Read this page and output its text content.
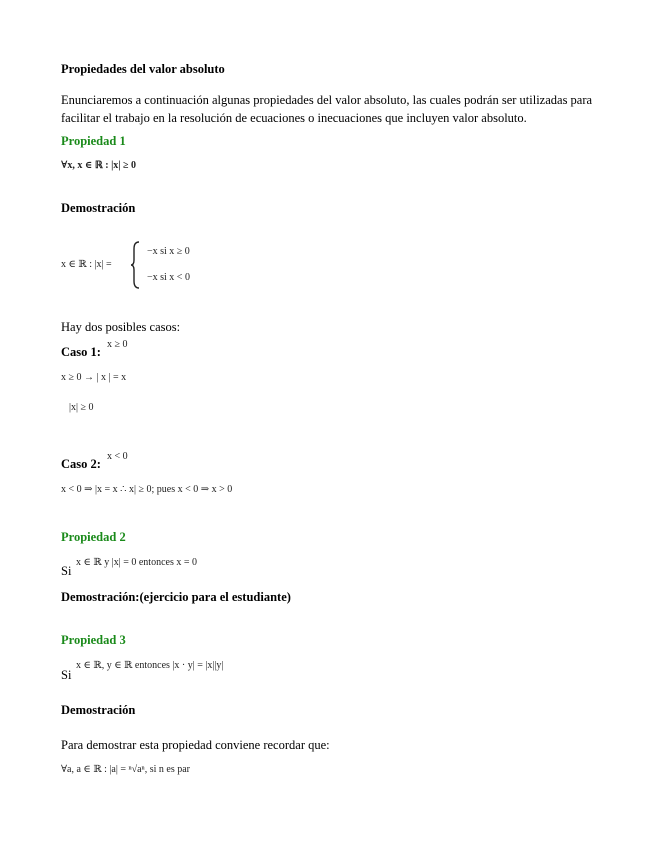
Propiedades del valor absoluto
Enunciaremos a continuación algunas propiedades del valor absoluto, las cuales podrán ser utilizadas para facilitar el trabajo en la resolución de ecuaciones o inecuaciones que incluyen valor absoluto.
Propiedad 1
∀x, x ∈ ℝ : |x| ≥ 0
Demostración
x ∈ ℝ : |x| =
−x si x ≥ 0
−x si x < 0
Hay dos posibles casos:
Caso 1:
x ≥ 0
x ≥ 0 → | x | = x
|x| ≥ 0
Caso 2:
x < 0
x < 0 ⇒ |x = x ∴ x| ≥ 0; pues x < 0 ⇒ x > 0
Propiedad 2
Si
x ∈ ℝ y |x| = 0 entonces x = 0
Demostración:(ejercicio para el estudiante)
Propiedad 3
Si
x ∈ ℝ, y ∈ ℝ entonces |x · y| = |x||y|
Demostración
Para demostrar esta propiedad conviene recordar que:
∀a, a ∈ ℝ : |a| = ⁿ√aⁿ, si n es par
